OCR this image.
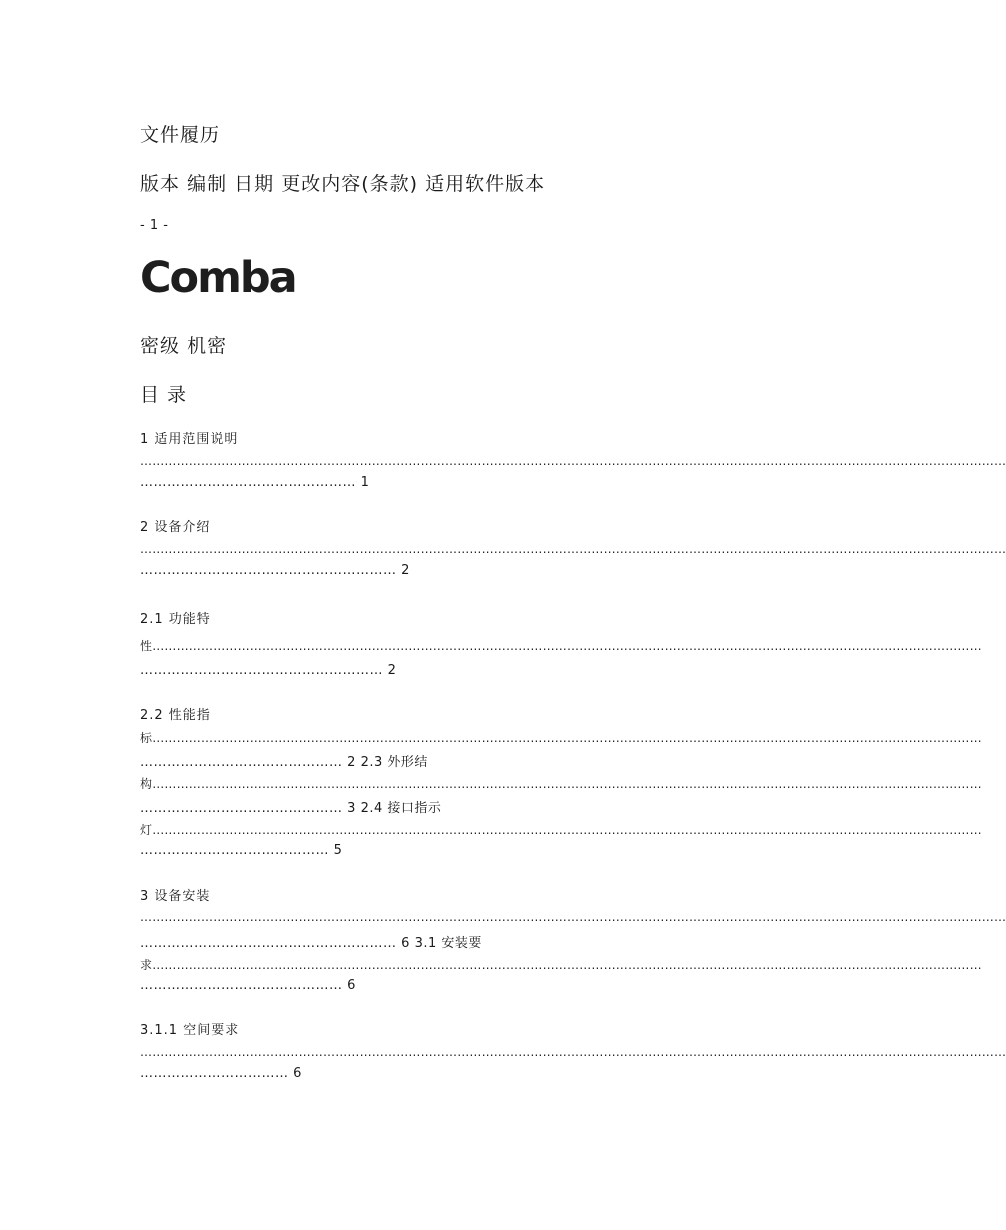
文件履历
版本 编制 日期 更改内容(条款) 适用软件版本
- 1 -
Comba
密级 机密
目 录
1 适用范围说明
……………………………………………………………………………………………………………………………………………………………………………………………
………………………………………… 1
2 设备介绍
……………………………………………………………………………………………………………………………………………………………………………………………
………………………………………………… 2
2.1 功能特
性……………………………………………………………………………………………………………………………………………………………………………………
……………………………………………… 2
2.2 性能指
标……………………………………………………………………………………………………………………………………………………………………………………
……………………………………… 2 2.3 外形结
构……………………………………………………………………………………………………………………………………………………………………………………
……………………………………… 3 2.4 接口指示
灯……………………………………………………………………………………………………………………………………………………………………………………
…………………………………… 5
3 设备安装
……………………………………………………………………………………………………………………………………………………………………………………………
………………………………………………… 6 3.1 安装要
求……………………………………………………………………………………………………………………………………………………………………………………
……………………………………… 6
3.1.1 空间要求
……………………………………………………………………………………………………………………………………………………………………………………………
…………………………… 6
